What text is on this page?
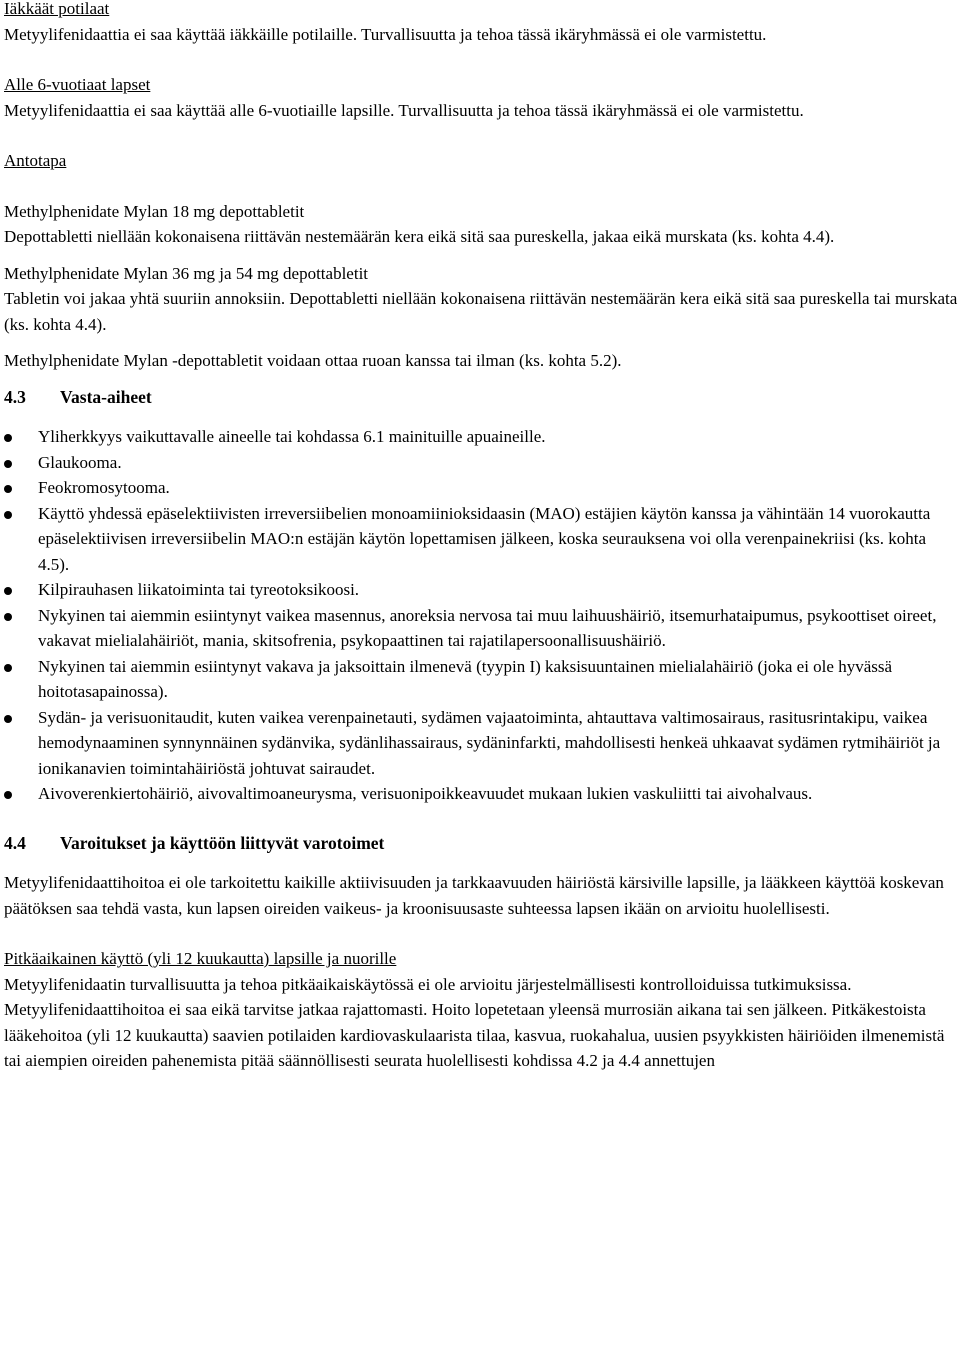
Iäkkäät potilaat

Metyylifenidaattia ei saa käyttää iäkkäille potilaille. Turvallisuutta ja tehoa tässä ikäryhmässä ei ole varmistettu.

Alle 6-vuotiaat lapset

Metyylifenidaattia ei saa käyttää alle 6-vuotiaille lapsille. Turvallisuutta ja tehoa tässä ikäryhmässä ei ole varmistettu.

Antotapa

Methylphenidate Mylan 18 mg depottabletit

Depottabletti niellään kokonaisena riittävän nestemäärän kera eikä sitä saa pureskella, jakaa eikä murskata (ks. kohta 4.4).

Methylphenidate Mylan 36 mg ja 54 mg depottabletit

Tabletin voi jakaa yhtä suuriin annoksiin. Depottabletti niellään kokonaisena riittävän nestemäärän kera eikä sitä saa pureskella tai murskata (ks. kohta 4.4).

Methylphenidate Mylan -depottabletit voidaan ottaa ruoan kanssa tai ilman (ks. kohta 5.2).

4.3 Vasta-aiheet
Yliherkkyys vaikuttavalle aineelle tai kohdassa 6.1 mainituille apuaineille.
Glaukooma.
Feokromosytooma.
Käyttö yhdessä epäselektiivisten irreversiibelien monoamiinioksidaasin (MAO) estäjien käytön kanssa ja vähintään 14 vuorokautta epäselektiivisen irreversiibelin MAO:n estäjän käytön lopettamisen jälkeen, koska seurauksena voi olla verenpainekriisi (ks. kohta 4.5).
Kilpirauhasen liikatoiminta tai tyreotoksikoosi.
Nykyinen tai aiemmin esiintynyt vaikea masennus, anoreksia nervosa tai muu laihuushäiriö, itsemurhataipumus, psykoottiset oireet, vakavat mielialahäiriöt, mania, skitsofrenia, psykopaattinen tai rajatilapersoonallisuushäiriö.
Nykyinen tai aiemmin esiintynyt vakava ja jaksoittain ilmenevä (tyypin I) kaksisuuntainen mielialahäiriö (joka ei ole hyvässä hoitotasapainossa).
Sydän- ja verisuonitaudit, kuten vaikea verenpainetauti, sydämen vajaatoiminta, ahtauttava valtimosairaus, rasitusrintakipu, vaikea hemodynaaminen synnynnäinen sydänvika, sydänlihassairaus, sydäninfarkti, mahdollisesti henkeä uhkaavat sydämen rytmihäiriöt ja ionikanavien toimintahäiriöstä johtuvat sairaudet.
Aivoverenkiertohäiriö, aivovaltimoaneurysma, verisuonipoikkeavuudet mukaan lukien vaskuliitti tai aivohalvaus.
4.4 Varoitukset ja käyttöön liittyvät varotoimet

Metyylifenidaattihoitoa ei ole tarkoitettu kaikille aktiivisuuden ja tarkkaavuuden häiriöstä kärsiville lapsille, ja lääkkeen käyttöä koskevan päätöksen saa tehdä vasta, kun lapsen oireiden vaikeus- ja kroonisuusaste suhteessa lapsen ikään on arvioitu huolellisesti.

Pitkäaikainen käyttö (yli 12 kuukautta) lapsille ja nuorille

Metyylifenidaatin turvallisuutta ja tehoa pitkäaikaiskäytössä ei ole arvioitu järjestelmällisesti kontrolloiduissa tutkimuksissa. Metyylifenidaattihoitoa ei saa eikä tarvitse jatkaa rajattomasti. Hoito lopetetaan yleensä murrosiän aikana tai sen jälkeen. Pitkäkestoista lääkehoitoa (yli 12 kuukautta) saavien potilaiden kardiovaskulaarista tilaa, kasvua, ruokahalua, uusien psyykkisten häiriöiden ilmenemistä tai aiempien oireiden pahenemista pitää säännöllisesti seurata huolellisesti kohdissa 4.2 ja 4.4 annettujen
